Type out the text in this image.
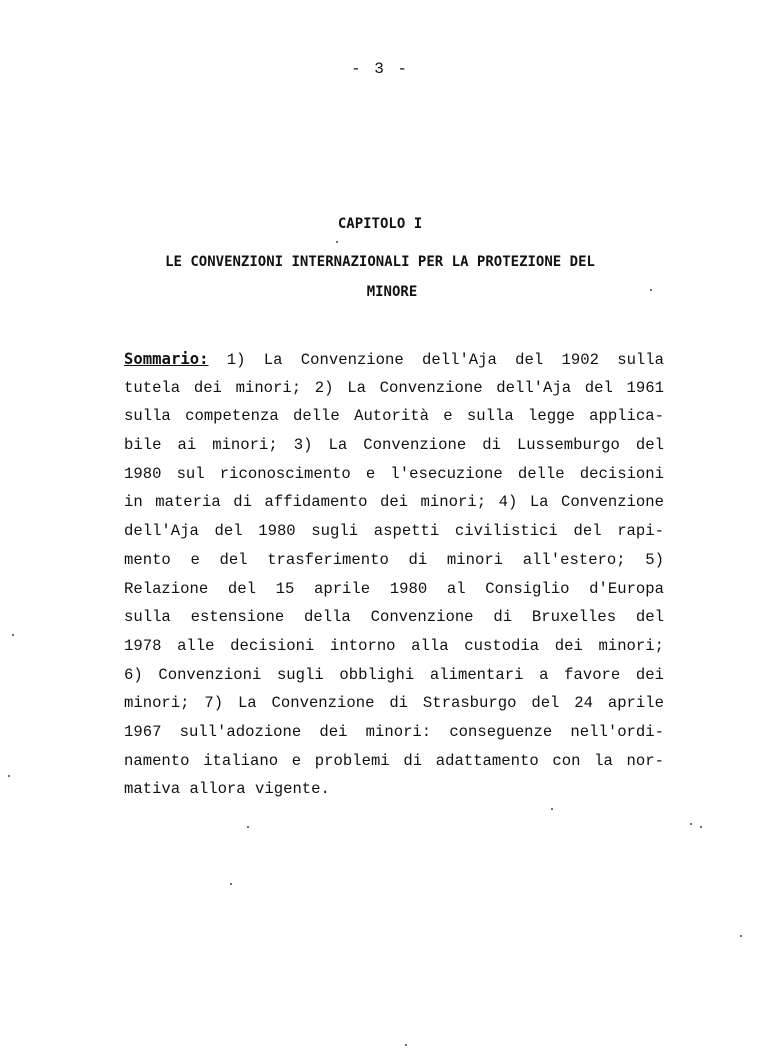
- 3 -
CAPITOLO I
LE CONVENZIONI INTERNAZIONALI PER LA PROTEZIONE DEL
MINORE
Sommario: 1) La Convenzione dell'Aja del 1902 sulla
tutela dei minori; 2) La Convenzione dell'Aja del 1961
sulla competenza delle Autorità e sulla legge applica-
bile ai minori; 3) La Convenzione di Lussemburgo del
1980 sul riconoscimento e l'esecuzione delle decisioni
in materia di affidamento dei minori; 4) La Convenzione
dell'Aja del 1980 sugli aspetti civilistici del rapi-
mento e del trasferimento di minori all'estero; 5)
Relazione del 15 aprile 1980 al Consiglio d'Europa
sulla estensione della Convenzione di Bruxelles del
1978 alle decisioni intorno alla custodia dei minori;
6) Convenzioni sugli obblighi alimentari a favore dei
minori; 7) La Convenzione di Strasburgo del 24 aprile
1967 sull'adozione dei minori: conseguenze nell'ordi-
namento italiano e problemi di adattamento con la nor-
mativa allora vigente.
